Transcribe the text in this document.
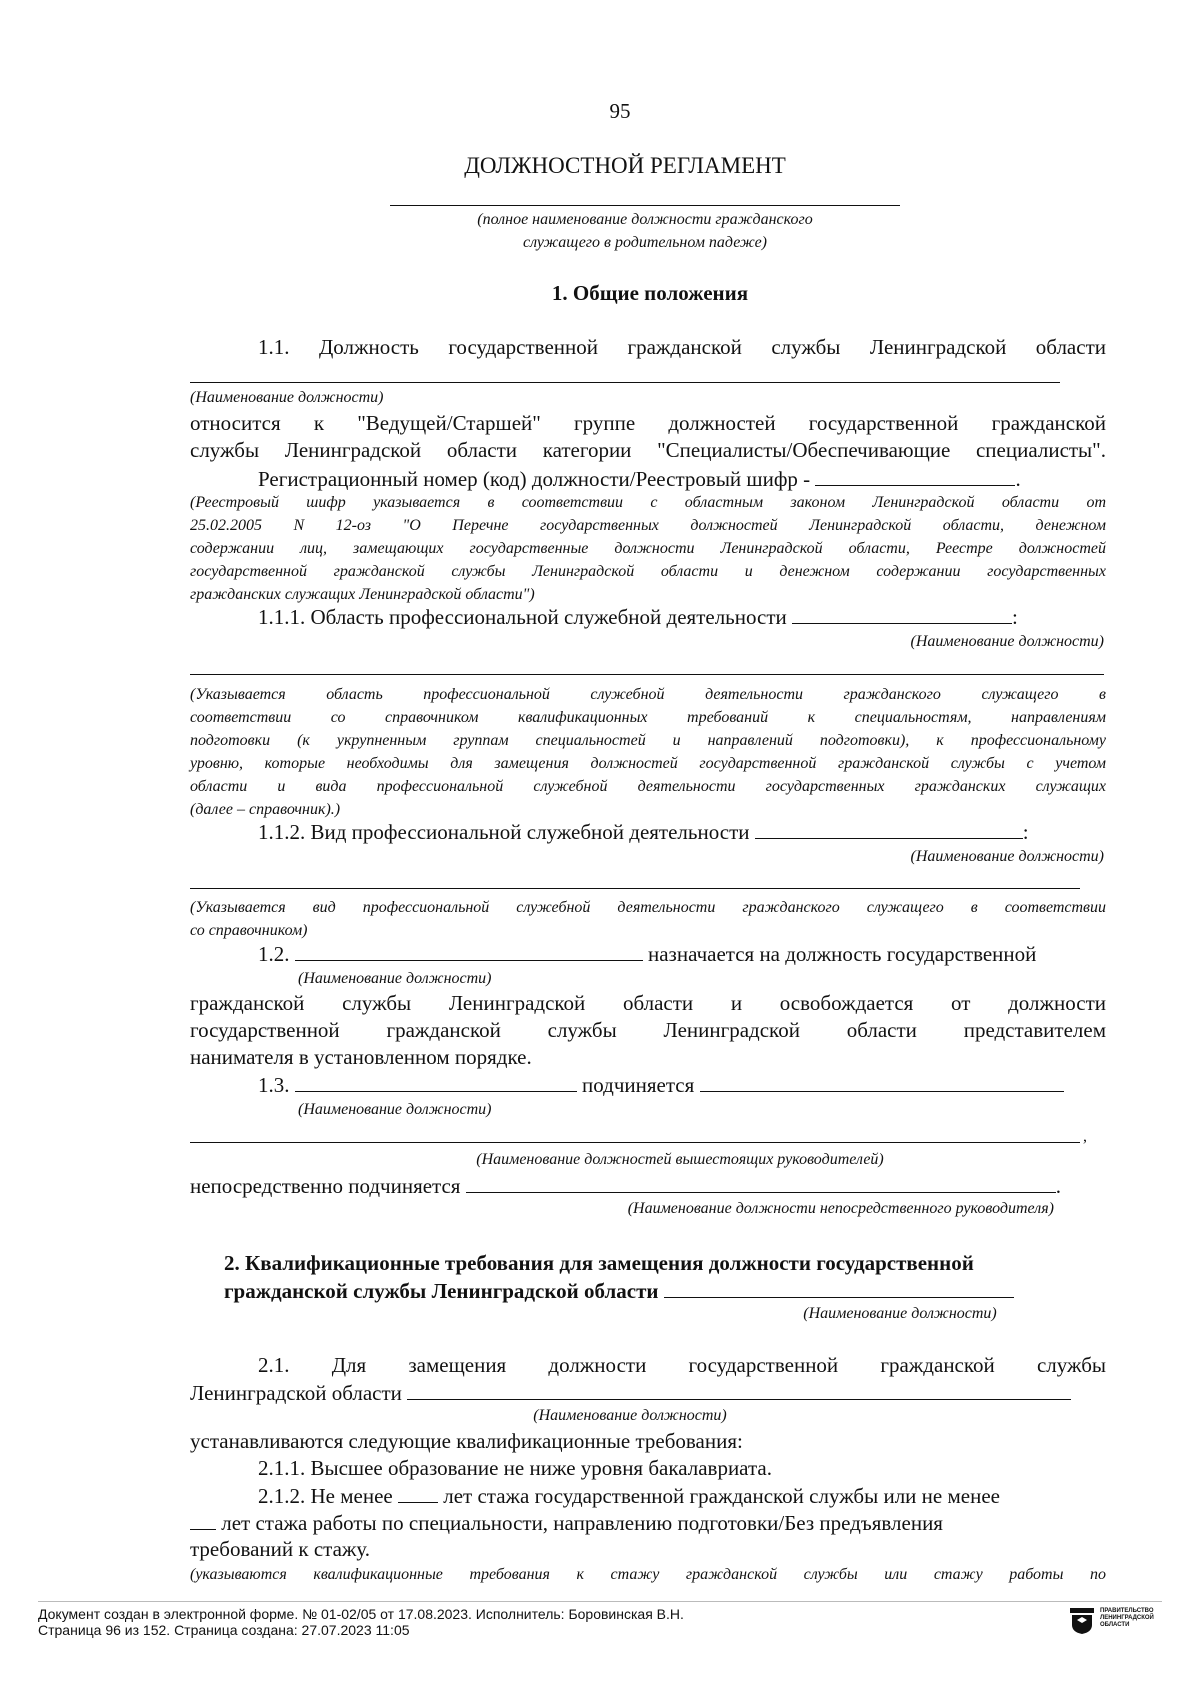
95
ДОЛЖНОСТНОЙ РЕГЛАМЕНТ
(полное наименование должности гражданского
служащего в родительном падеже)
1. Общие положения
1.1. Должность государственной гражданской службы Ленинградской области
(Наименование должности)
относится к "Ведущей/Старшей" группе должностей государственной гражданской
службы Ленинградской области категории "Специалисты/Обеспечивающие специалисты".
Регистрационный номер (код) должности/Реестровый шифр -	.
(Реестровый шифр указывается в соответствии с областным законом Ленинградской области от
25.02.2005 N 12-оз "О Перечне государственных должностей Ленинградской области, денежном
содержании лиц, замещающих государственные должности Ленинградской области, Реестре должностей
государственной гражданской службы Ленинградской области и денежном содержании государственных
гражданских служащих Ленинградской области")
1.1.1. Область профессиональной служебной деятельности	:
(Наименование должности)
(Указывается область профессиональной служебной деятельности гражданского служащего в
соответствии со справочником квалификационных требований к специальностям, направлениям
подготовки (к укрупненным группам специальностей и направлений подготовки), к профессиональному
уровню, которые необходимы для замещения должностей государственной гражданской службы с учетом
области и вида профессиональной служебной деятельности государственных гражданских служащих
(далее – справочник).)
1.1.2. Вид профессиональной служебной деятельности	:
(Наименование должности)
(Указывается вид профессиональной служебной деятельности гражданского служащего в соответствии
со справочником)
1.2.	назначается на должность государственной
(Наименование должности)
гражданской службы Ленинградской области и освобождается от должности
государственной гражданской службы Ленинградской области представителем
нанимателя в установленном порядке.
1.3.	подчиняется
(Наименование должности)
,
(Наименование должностей вышестоящих руководителей)
непосредственно подчиняется	.
(Наименование должности непосредственного руководителя)
2. Квалификационные требования для замещения должности государственной
гражданской службы Ленинградской области
(Наименование должности)
2.1. Для замещения должности государственной гражданской службы
Ленинградской области
(Наименование должности)
устанавливаются следующие квалификационные требования:
2.1.1. Высшее образование не ниже уровня бакалавриата.
2.1.2. Не менее лет стажа государственной гражданской службы или не менее
лет стажа работы по специальности, направлению подготовки/Без предъявления
требований к стажу.
(указываются квалификационные требования к стажу гражданской службы или стажу работы по
Документ создан в электронной форме. № 01-02/05 от 17.08.2023. Исполнитель: Боровинская В.Н.
Страница 96 из 152. Страница создана: 27.07.2023 11:05
ПРАВИТЕЛЬСТВО
ЛЕНИНГРАДСКОЙ
ОБЛАСТИ
